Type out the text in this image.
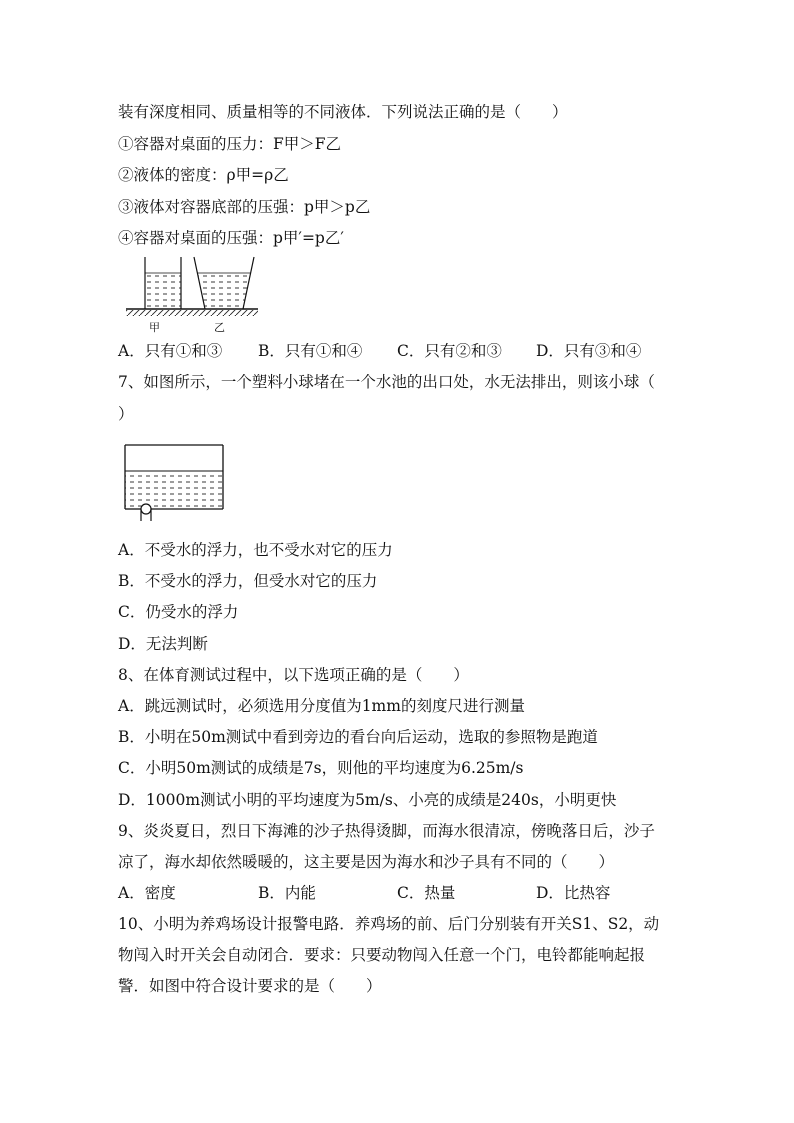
装有深度相同、质量相等的不同液体．下列说法正确的是（　　）
①容器对桌面的压力：F甲＞F乙
②液体的密度：ρ甲=ρ乙
③液体对容器底部的压强：p甲＞p乙
④容器对桌面的压强：p甲′=p乙′
甲	乙
A．只有①和③ B．只有①和④ C．只有②和③ D．只有③和④
7、如图所示，一个塑料小球堵在一个水池的出口处，水无法排出，则该小球（
）
A．不受水的浮力，也不受水对它的压力
B．不受水的浮力，但受水对它的压力
C．仍受水的浮力
D．无法判断
8、在体育测试过程中，以下选项正确的是（　　）
A．跳远测试时，必须选用分度值为1mm的刻度尺进行测量
B．小明在50m测试中看到旁边的看台向后运动，选取的参照物是跑道
C．小明50m测试的成绩是7s，则他的平均速度为6.25m/s
D．1000m测试小明的平均速度为5m/s、小亮的成绩是240s，小明更快
9、炎炎夏日，烈日下海滩的沙子热得烫脚，而海水很清凉，傍晚落日后，沙子
凉了，海水却依然暖暖的，这主要是因为海水和沙子具有不同的（　　）
A．密度	B．内能	C．热量	D．比热容
10、小明为养鸡场设计报警电路．养鸡场的前、后门分别装有开关S1、S2，动
物闯入时开关会自动闭合．要求：只要动物闯入任意一个门，电铃都能响起报
警．如图中符合设计要求的是（　　）
